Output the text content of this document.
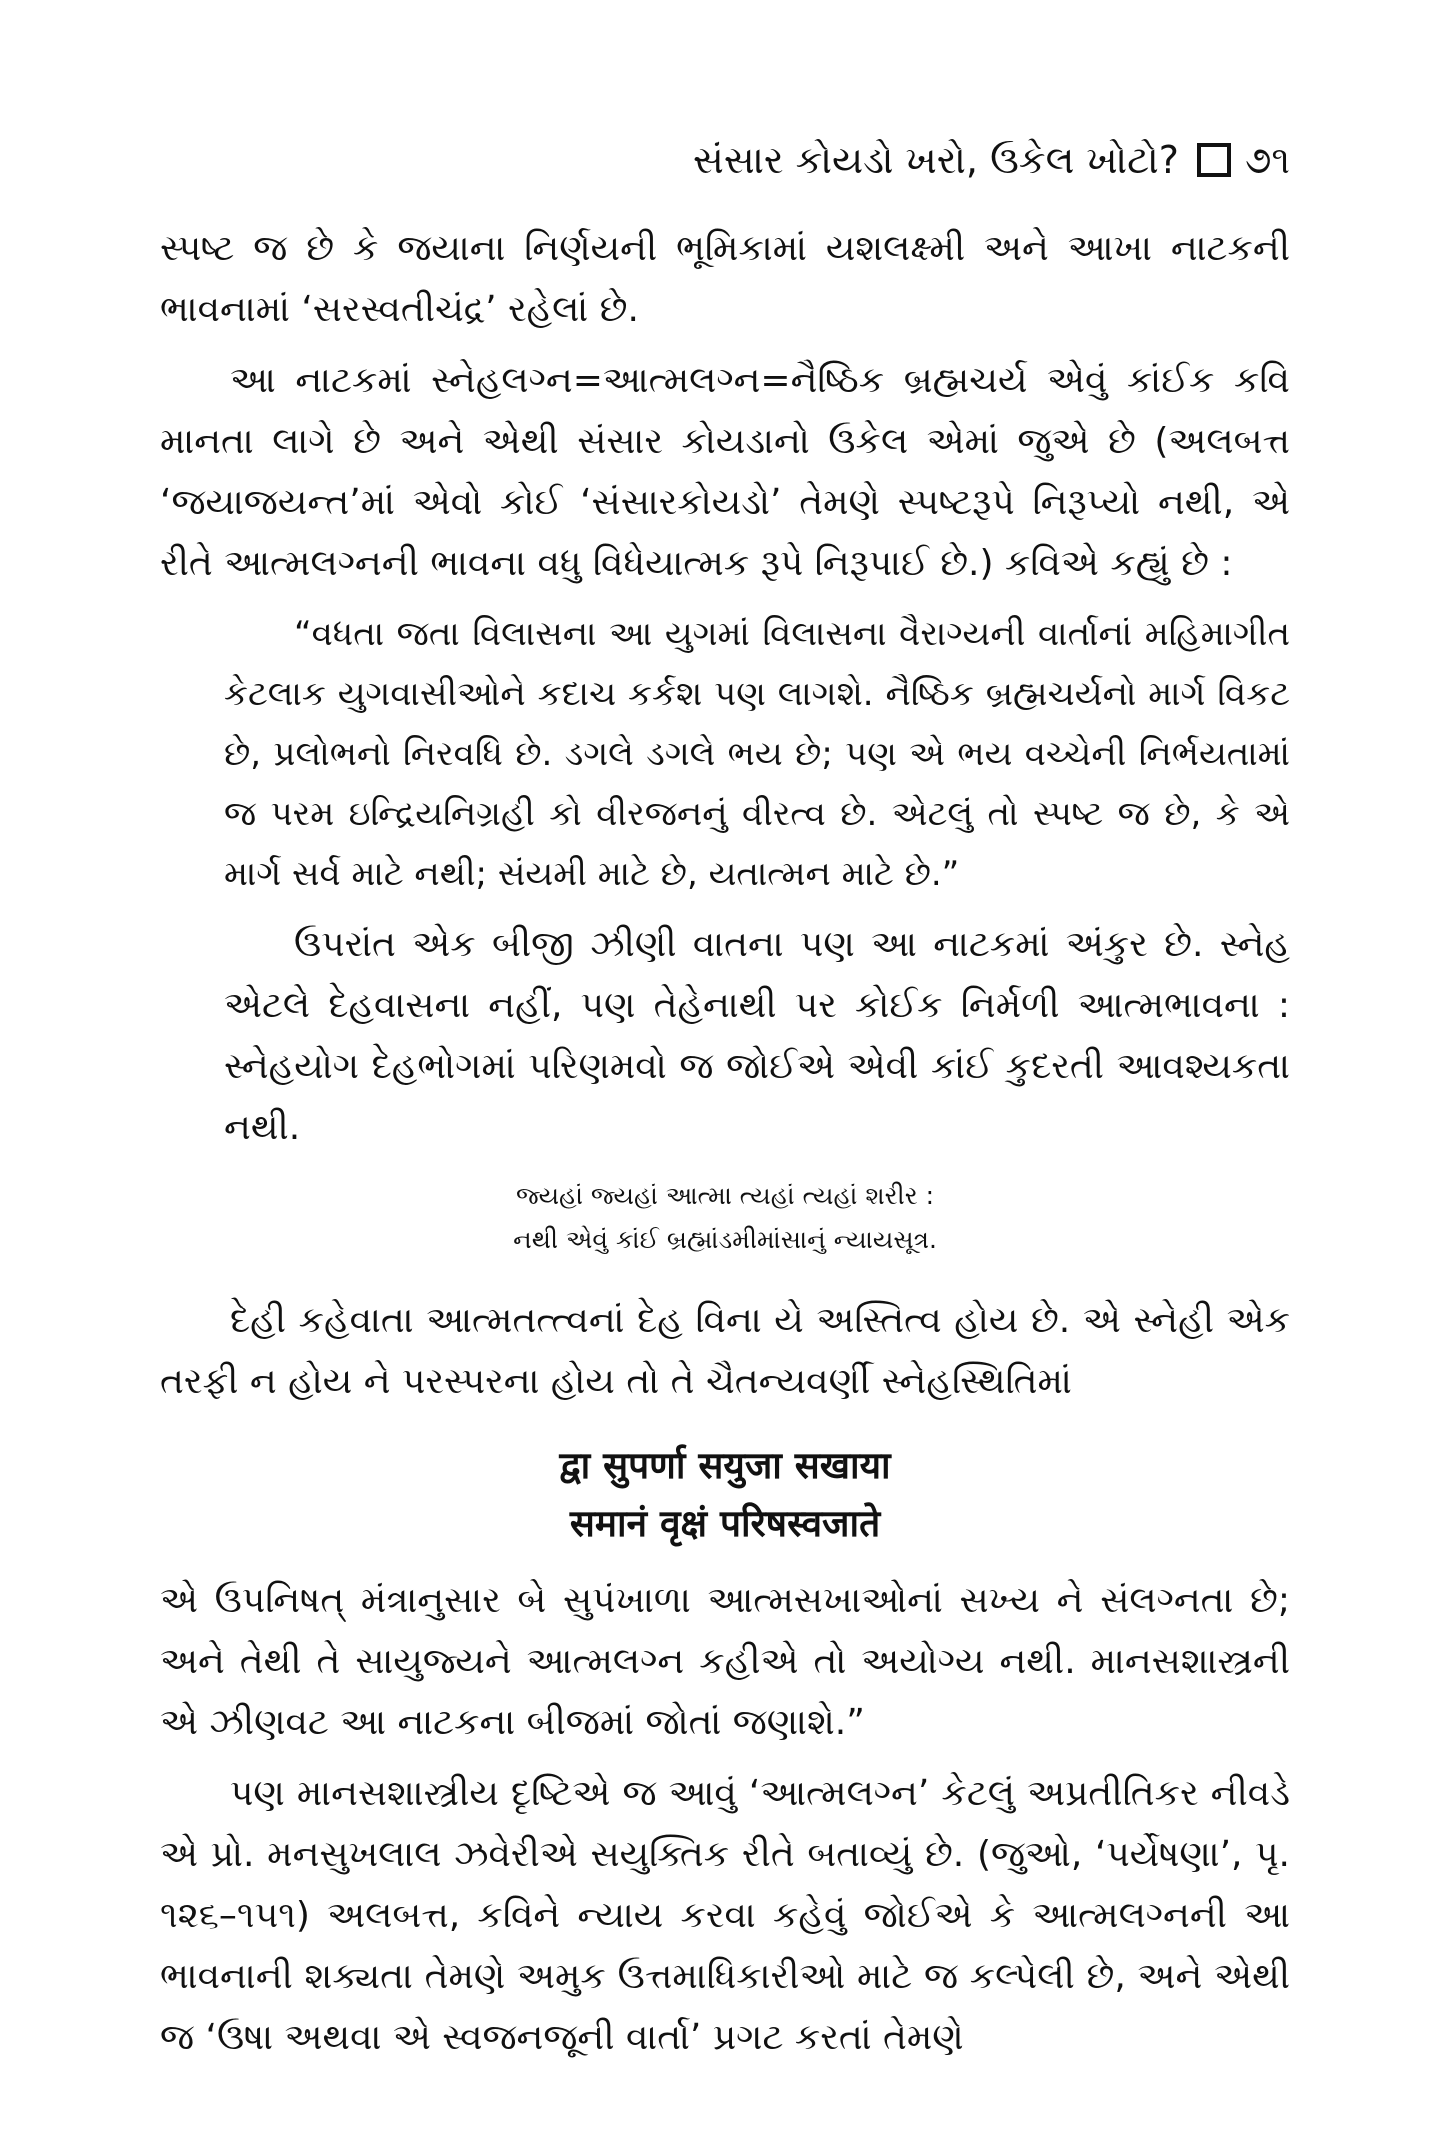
સંસાર કોયડો ખરો, ઉકેલ ખોટો? ૭૧

સ્પષ્ટ જ છે કે જયાના નિર્ણયની ભૂમિકામાં યશલક્ષ્મી અને આખા નાટકની ભાવનામાં ‘સરસ્વતીચંદ્ર’ રહેલાં છે.

આ નાટકમાં સ્નેહલગ્ન=આત્મલગ્ન=નૈષ્ઠિક બ્રહ્મચર્ય એવું કાંઈક કવિ માનતા લાગે છે અને એથી સંસાર કોયડાનો ઉકેલ એમાં જુએ છે (અલબત્ત ‘જયાજયન્ત’માં એવો કોઈ ‘સંસારકોયડો’ તેમણે સ્પષ્ટરૂપે નિરૂપ્યો નથી, એ રીતે આત્મલગ્નની ભાવના વધુ વિધેયાત્મક રૂપે નિરૂપાઈ છે.) કવિએ કહ્યું છે :

“વધતા જતા વિલાસના આ યુગમાં વિલાસના વૈરાગ્યની વાર્તાનાં મહિમાગીત કેટલાક યુગવાસીઓને કદાચ કર્કશ પણ લાગશે. નૈષ્ઠિક બ્રહ્મચર્યનો માર્ગ વિકટ છે, પ્રલોભનો નિરવધિ છે. ડગલે ડગલે ભય છે; પણ એ ભય વચ્ચેની નિર્ભયતામાં જ પરમ ઇન્દ્રિયનિગ્રહી કો વીરજનનું વીરત્વ છે. એટલું તો સ્પષ્ટ જ છે, કે એ માર્ગ સર્વ માટે નથી; સંયમી માટે છે, યતાત્મન માટે છે.”

ઉપરાંત એક બીજી ઝીણી વાતના પણ આ નાટકમાં અંકુર છે. સ્નેહ એટલે દેહવાસના નહીં, પણ તેહેનાથી પર કોઈક નિર્મળી આત્મભાવના : સ્નેહયોગ દેહભોગમાં પરિણમવો જ જોઈએ એવી કાંઈ કુદરતી આવશ્યકતા નથી.

જ્યહાં જ્યહાં આત્મા ત્યહાં ત્યહાં શરીર :
નથી એવું કાંઈ બ્રહ્માંડમીમાંસાનું ન્યાયસૂત્ર.

દેહી કહેવાતા આત્મતત્ત્વનાં દેહ વિના યે અસ્તિત્વ હોય છે. એ સ્નેહી એક તરફી ન હોય ને પરસ્પરના હોય તો તે ચૈતન્યવર્ણી સ્નેહસ્થિતિમાં

द्वा सुपर्णा सयुजा सखाया
समानं वृक्षं परिषस्वजाते

એ ઉપનિષત્ મંત્રાનુસાર બે સુપંખાળા આત્મસખાઓનાં સખ્ય ને સંલગ્નતા છે; અને તેથી તે સાયુજ્યને આત્મલગ્ન કહીએ તો અયોગ્ય નથી. માનસશાસ્ત્રની એ ઝીણવટ આ નાટકના બીજમાં જોતાં જણાશે.”

પણ માનસશાસ્ત્રીય દૃષ્ટિએ જ આવું ‘આત્મલગ્ન’ કેટલું અપ્રતીતિકર નીવડે એ પ્રો. મનસુખલાલ ઝવેરીએ સયુક્તિક રીતે બતાવ્યું છે. (જુઓ, ‘પર્યેષણા’, પૃ. ૧૨૬–૧૫૧) અલબત્ત, કવિને ન્યાય કરવા કહેવું જોઈએ કે આત્મલગ્નની આ ભાવનાની શક્યતા તેમણે અમુક ઉત્તમાધિકારીઓ માટે જ કલ્પેલી છે, અને એથી જ ‘ઉષા અથવા એ સ્વજનજૂની વાર્તા’ પ્રગટ કરતાં તેમણે
